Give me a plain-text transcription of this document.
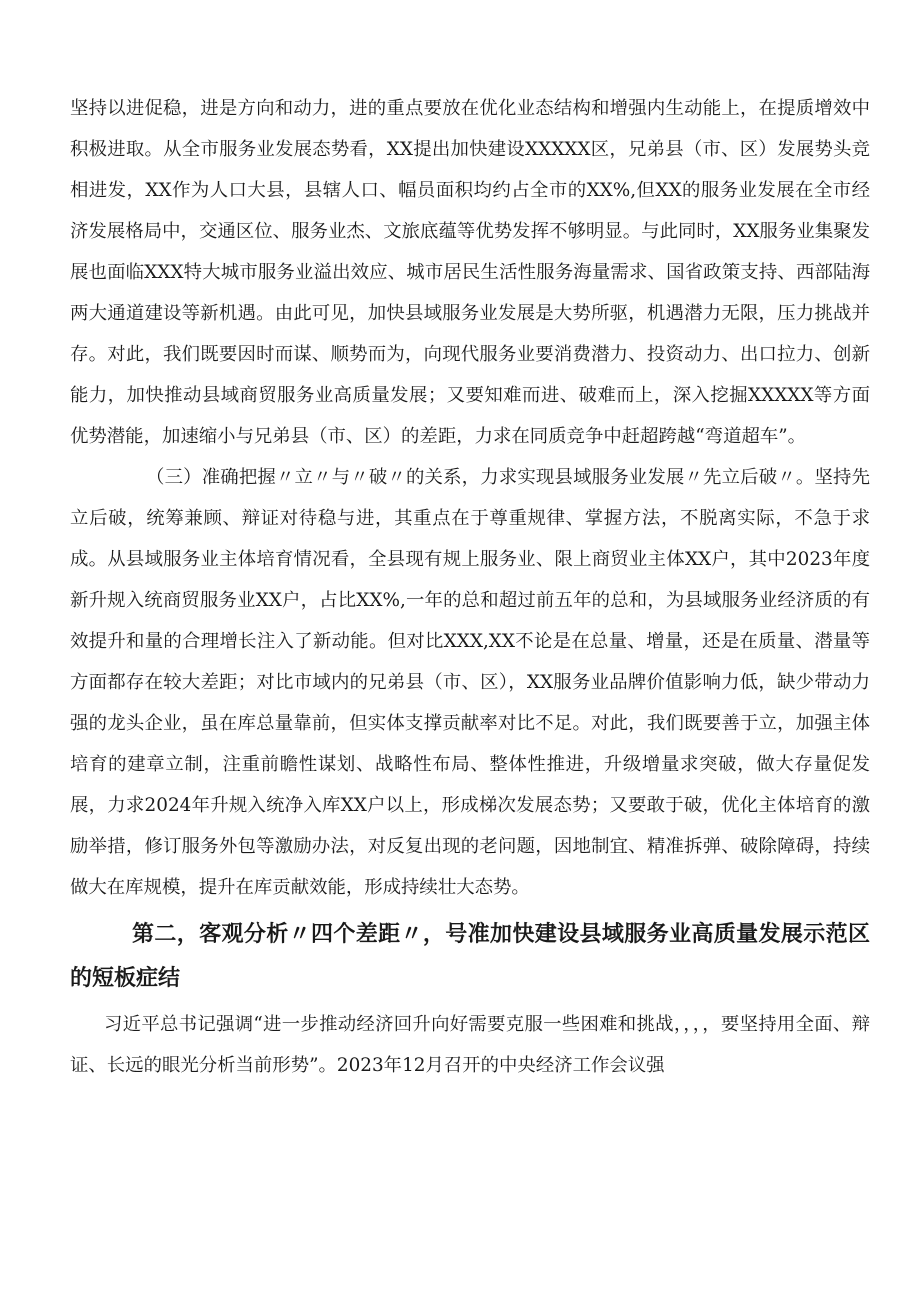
坚持以进促稳，进是方向和动力，进的重点要放在优化业态结构和增强内生动能上，在提质增效中积极进取。从全市服务业发展态势看，XX提出加快建设XXXXX区，兄弟县（市、区）发展势头竞相进发，XX作为人口大县，县辖人口、幅员面积均约占全市的XX%,但XX的服务业发展在全市经济发展格局中，交通区位、服务业杰、文旅底蕴等优势发挥不够明显。与此同时，XX服务业集聚发展也面临XXX特大城市服务业溢出效应、城市居民生活性服务海量需求、国省政策支持、西部陆海两大通道建设等新机遇。由此可见，加快县域服务业发展是大势所驱，机遇潜力无限，压力挑战并存。对此，我们既要因时而谋、顺势而为，向现代服务业要消费潜力、投资动力、出口拉力、创新能力，加快推动县域商贸服务业高质量发展；又要知难而进、破难而上，深入挖掘XXXXX等方面优势潜能，加速缩小与兄弟县（市、区）的差距，力求在同质竞争中赶超跨越“弯道超车”。

（三）准确把握〃立〃与〃破〃的关系，力求实现县域服务业发展〃先立后破〃。坚持先立后破，统筹兼顾、辩证对待稳与进，其重点在于尊重规律、掌握方法，不脱离实际，不急于求成。从县域服务业主体培育情况看，全县现有规上服务业、限上商贸业主体XX户，其中2023年度新升规入统商贸服务业XX户，占比XX%,一年的总和超过前五年的总和，为县域服务业经济质的有效提升和量的合理增长注入了新动能。但对比XXX,XX不论是在总量、增量，还是在质量、潜量等方面都存在较大差距；对比市域内的兄弟县（市、区），XX服务业品牌价值影响力低，缺少带动力强的龙头企业，虽在库总量靠前，但实体支撑贡献率对比不足。对此，我们既要善于立，加强主体培育的建章立制，注重前瞻性谋划、战略性布局、整体性推进，升级增量求突破，做大存量促发展，力求2024年升规入统净入库XX户以上，形成梯次发展态势；又要敢于破，优化主体培育的激励举措，修订服务外包等激励办法，对反复出现的老问题，因地制宜、精准拆弹、破除障碍，持续做大在库规模，提升在库贡献效能，形成持续壮大态势。

第二，客观分析〃四个差距〃，号准加快建设县域服务业高质量发展示范区的短板症结

习近平总书记强调“进一步推动经济回升向好需要克服一些困难和挑战，，，，要坚持用全面、辩证、长远的眼光分析当前形势”。2023年12月召开的中央经济工作会议强
